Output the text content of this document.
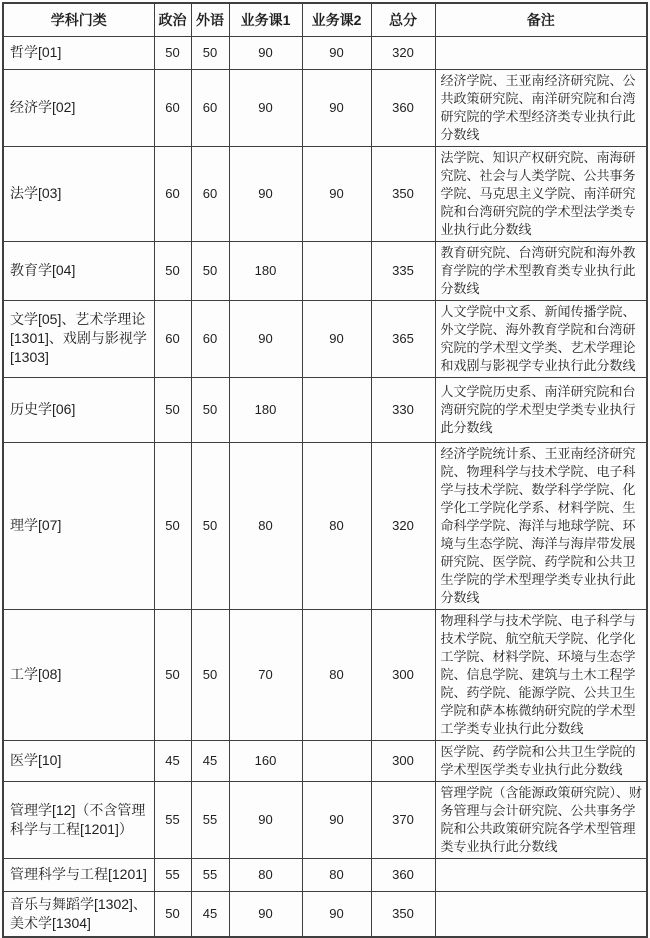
学科门类	政治	外语	业务课1	业务课2	总分	备注
哲学[01]	50	50	90	90	320	
经济学[02]	60	60	90	90	360	经济学院、王亚南经济研究院、公共政策研究院、南洋研究院和台湾研究院的学术型经济类专业执行此分数线
法学[03]	60	60	90	90	350	法学院、知识产权研究院、南海研究院、社会与人类学院、公共事务学院、马克思主义学院、南洋研究院和台湾研究院的学术型法学类专业执行此分数线
教育学[04]	50	50	180		335	教育研究院、台湾研究院和海外教育学院的学术型教育类专业执行此分数线
文学[05]、艺术学理论[1301]、戏剧与影视学[1303]	60	60	90	90	365	人文学院中文系、新闻传播学院、外文学院、海外教育学院和台湾研究院的学术型文学类、艺术学理论和戏剧与影视学专业执行此分数线
历史学[06]	50	50	180		330	人文学院历史系、南洋研究院和台湾研究院的学术型史学类专业执行此分数线
理学[07]	50	50	80	80	320	经济学院统计系、王亚南经济研究院、物理科学与技术学院、电子科学与技术学院、数学科学学院、化学化工学院化学系、材料学院、生命科学学院、海洋与地球学院、环境与生态学院、海洋与海岸带发展研究院、医学院、药学院和公共卫生学院的学术型理学类专业执行此分数线
工学[08]	50	50	70	80	300	物理科学与技术学院、电子科学与技术学院、航空航天学院、化学化工学院、材料学院、环境与生态学院、信息学院、建筑与土木工程学院、药学院、能源学院、公共卫生学院和萨本栋微纳研究院的学术型工学类专业执行此分数线
医学[10]	45	45	160		300	医学院、药学院和公共卫生学院的学术型医学类专业执行此分数线
管理学[12]（不含管理科学与工程[1201]）	55	55	90	90	370	管理学院（含能源政策研究院）、财务管理与会计研究院、公共事务学院和公共政策研究院各学术型管理类专业执行此分数线
管理科学与工程[1201]	55	55	80	80	360	
音乐与舞蹈学[1302]、美术学[1304]	50	45	90	90	350	
